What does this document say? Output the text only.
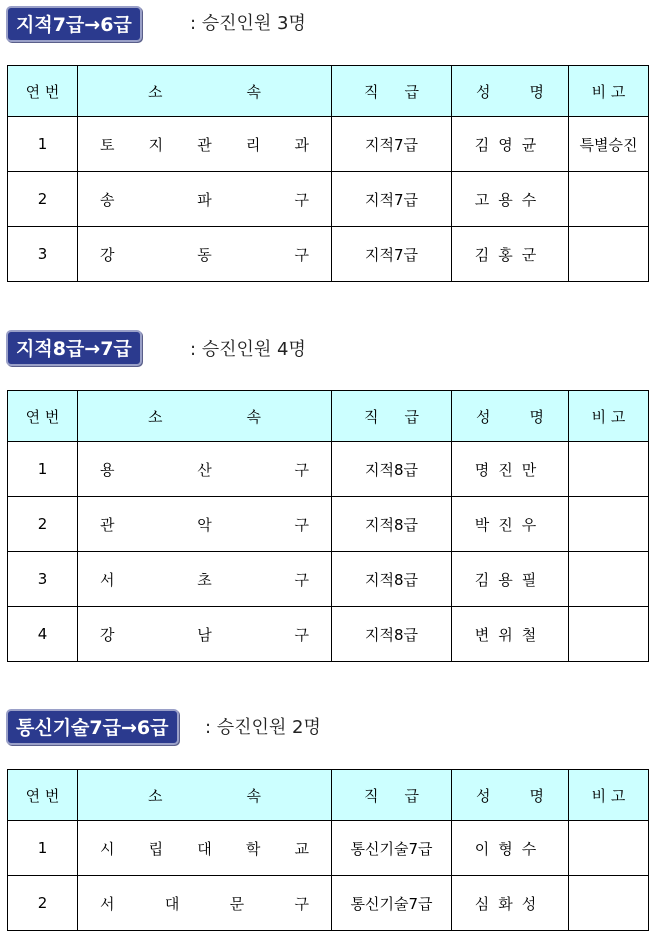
지적7급→6급	: 승진인원 3명
연 번	소 속	직 급	성 명	비 고
1	토 지 관 리 과	지적7급	김영균	특별승진
2	송 파 구	지적7급	고용수	
3	강 동 구	지적7급	김홍군	
지적8급→7급	: 승진인원 4명
연 번	소 속	직 급	성 명	비 고
1	용 산 구	지적8급	명진만	
2	관 악 구	지적8급	박진우	
3	서 초 구	지적8급	김용필	
4	강 남 구	지적8급	변위철	
통신기술7급→6급	: 승진인원 2명
연 번	소 속	직 급	성 명	비 고
1	시 립 대 학 교	통신기술7급	이형수	
2	서 대 문 구	통신기술7급	심화성	
